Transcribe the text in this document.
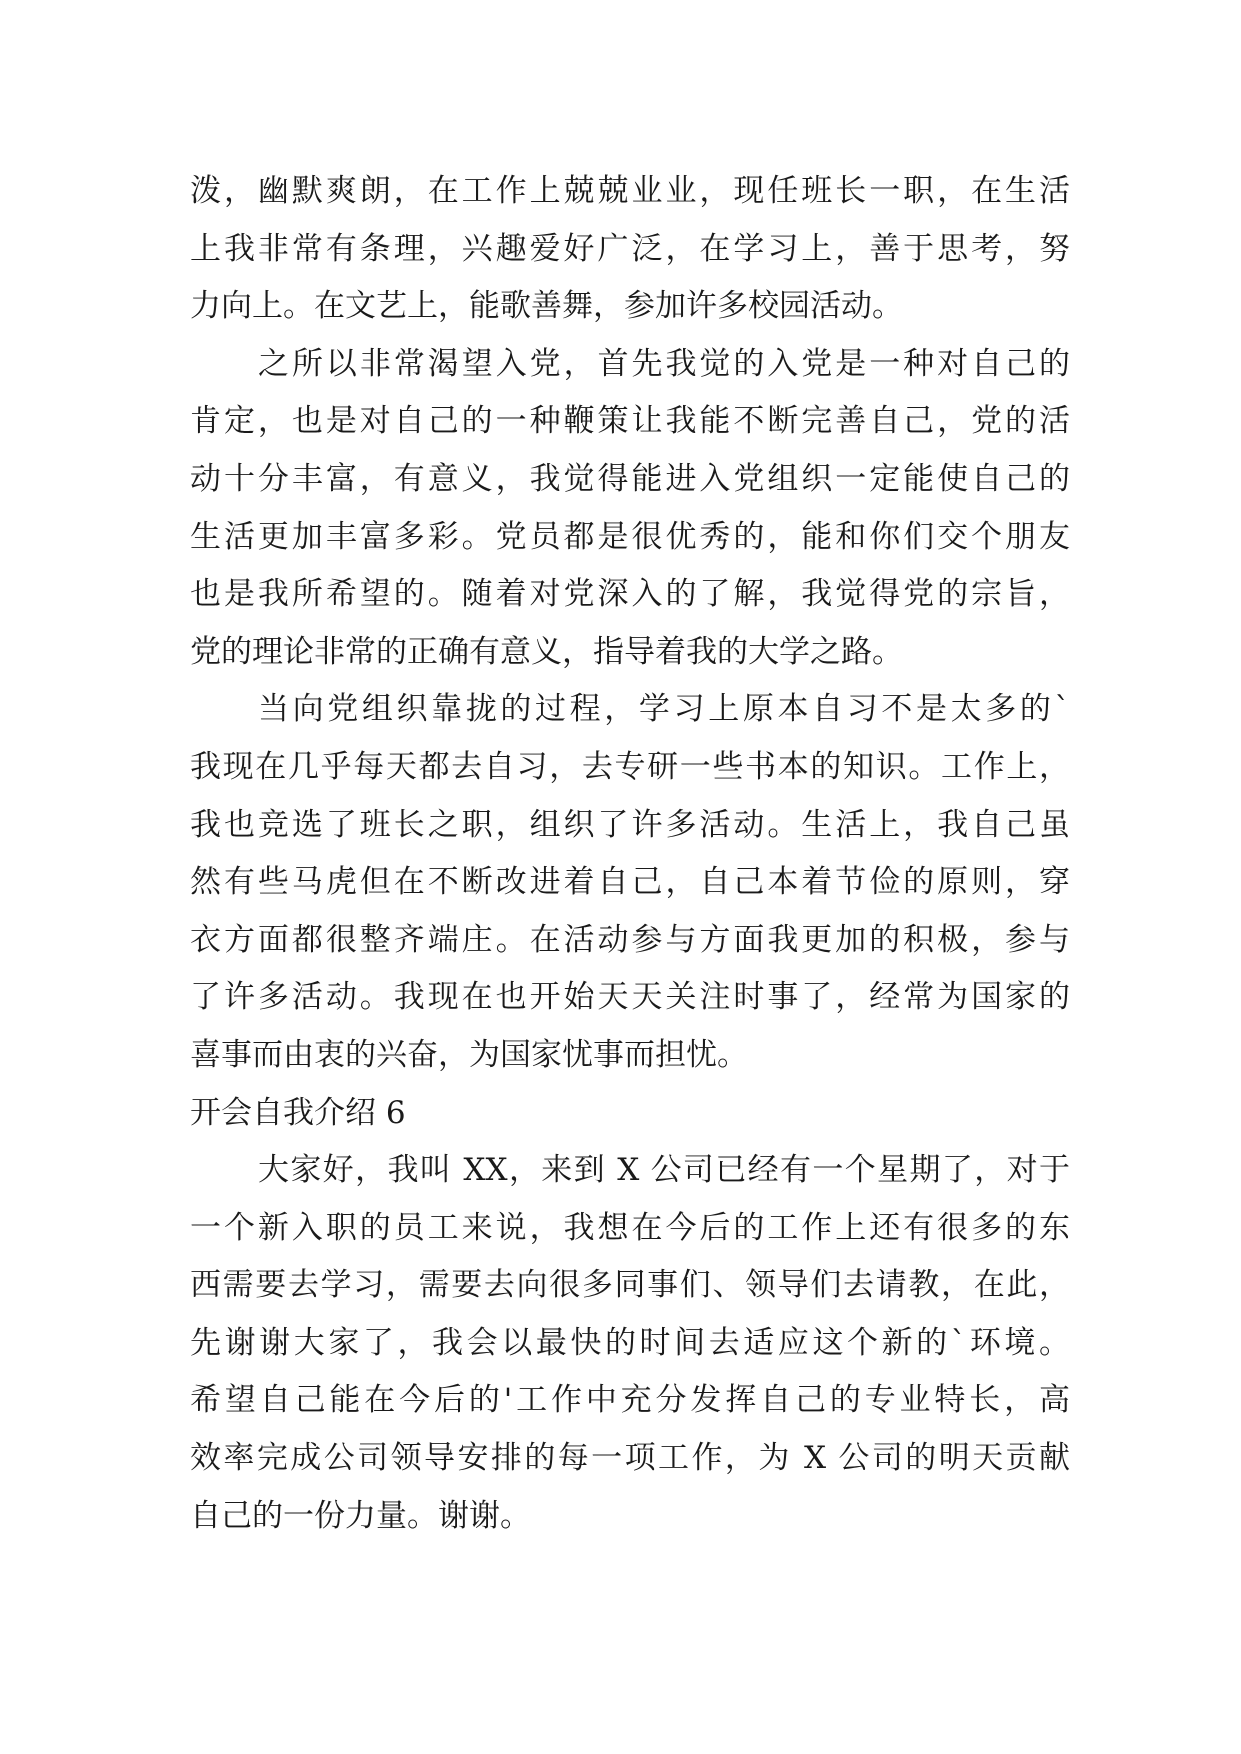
泼，幽默爽朗，在工作上兢兢业业，现任班长一职，在生活
上我非常有条理，兴趣爱好广泛，在学习上，善于思考，努
力向上。在文艺上，能歌善舞，参加许多校园活动。
之所以非常渴望入党，首先我觉的入党是一种对自己的
肯定，也是对自己的一种鞭策让我能不断完善自己，党的活
动十分丰富，有意义，我觉得能进入党组织一定能使自己的
生活更加丰富多彩。党员都是很优秀的，能和你们交个朋友
也是我所希望的。随着对党深入的了解，我觉得党的宗旨，
党的理论非常的正确有意义，指导着我的大学之路。
当向党组织靠拢的过程，学习上原本自习不是太多的`
我现在几乎每天都去自习，去专研一些书本的知识。工作上，
我也竞选了班长之职，组织了许多活动。生活上，我自己虽
然有些马虎但在不断改进着自己，自己本着节俭的原则，穿
衣方面都很整齐端庄。在活动参与方面我更加的积极，参与
了许多活动。我现在也开始天天关注时事了，经常为国家的
喜事而由衷的兴奋，为国家忧事而担忧。
开会自我介绍 6
大家好，我叫 XX，来到 X 公司已经有一个星期了，对于
一个新入职的员工来说，我想在今后的工作上还有很多的东
西需要去学习，需要去向很多同事们、领导们去请教，在此，
先谢谢大家了，我会以最快的时间去适应这个新的`环境。
希望自己能在今后的'工作中充分发挥自己的专业特长，高
效率完成公司领导安排的每一项工作，为 X 公司的明天贡献
自己的一份力量。谢谢。
